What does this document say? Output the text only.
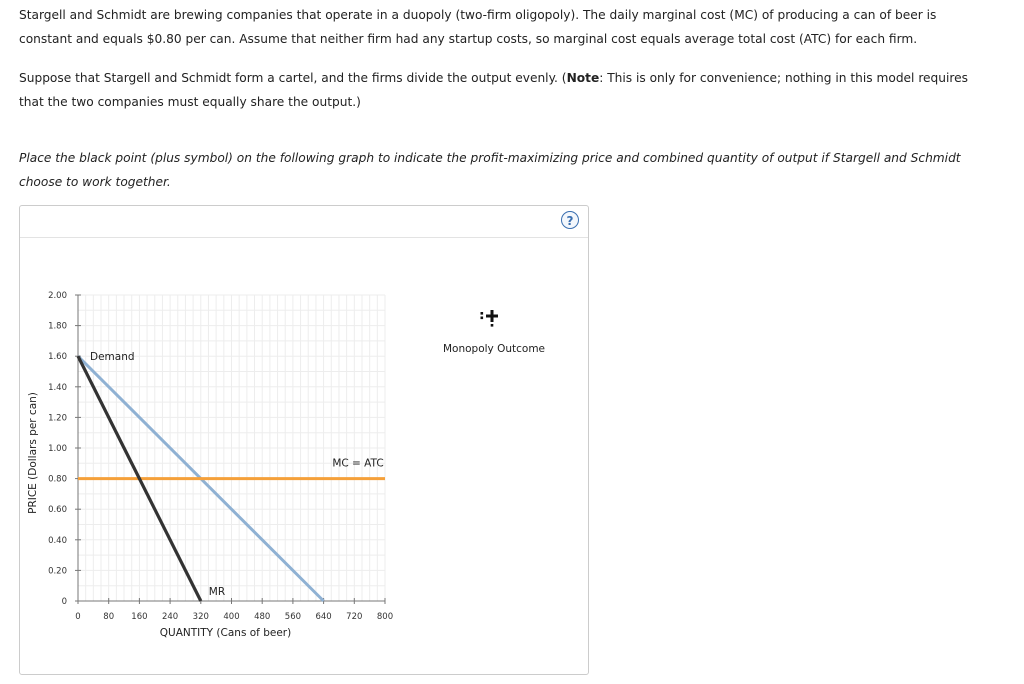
Stargell and Schmidt are brewing companies that operate in a duopoly (two-firm oligopoly). The daily marginal cost (MC) of producing a can of beer is constant and equals $0.80 per can. Assume that neither firm had any startup costs, so marginal cost equals average total cost (ATC) for each firm.

Suppose that Stargell and Schmidt form a cartel, and the firms divide the output evenly. (Note: This is only for convenience; nothing in this model requires that the two companies must equally share the output.)

Place the black point (plus symbol) on the following graph to indicate the profit-maximizing price and combined quantity of output if Stargell and Schmidt choose to work together.

?
0
0.20
0.40
0.60
0.80
1.00
1.20
1.40
1.60
1.80
2.00
0	80 160 240 320 400 480 560 640 720 800
QUANTITY (Cans of beer)
PRICE (Dollars per can)
Demand
MR
MC = ATC
Monopoly Outcome
